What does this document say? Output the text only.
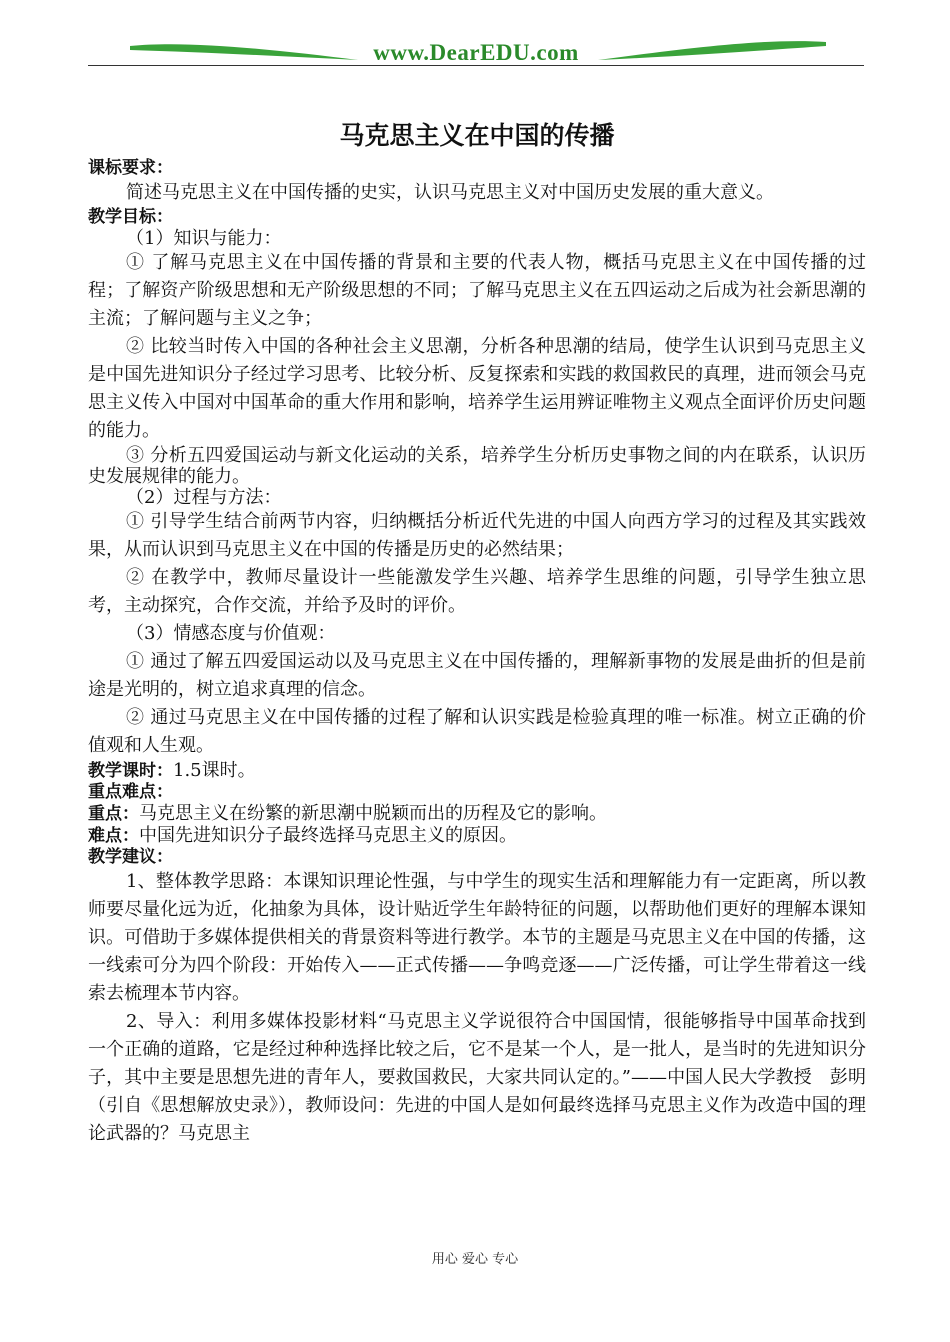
www.DearEDU.com
马克思主义在中国的传播
课标要求：

简述马克思主义在中国传播的史实，认识马克思主义对中国历史发展的重大意义。

教学目标：

（1）知识与能力：

① 了解马克思主义在中国传播的背景和主要的代表人物，概括马克思主义在中国传播的过程；了解资产阶级思想和无产阶级思想的不同；了解马克思主义在五四运动之后成为社会新思潮的主流；了解问题与主义之争；

② 比较当时传入中国的各种社会主义思潮，分析各种思潮的结局，使学生认识到马克思主义是中国先进知识分子经过学习思考、比较分析、反复探索和实践的救国救民的真理，进而领会马克思主义传入中国对中国革命的重大作用和影响，培养学生运用辨证唯物主义观点全面评价历史问题的能力。

③ 分析五四爱国运动与新文化运动的关系，培养学生分析历史事物之间的内在联系，认识历史发展规律的能力。

（2）过程与方法：

① 引导学生结合前两节内容，归纳概括分析近代先进的中国人向西方学习的过程及其实践效果，从而认识到马克思主义在中国的传播是历史的必然结果；

② 在教学中，教师尽量设计一些能激发学生兴趣、培养学生思维的问题，引导学生独立思考，主动探究，合作交流，并给予及时的评价。

（3）情感态度与价值观：

① 通过了解五四爱国运动以及马克思主义在中国传播的，理解新事物的发展是曲折的但是前途是光明的，树立追求真理的信念。

② 通过马克思主义在中国传播的过程了解和认识实践是检验真理的唯一标准。树立正确的价值观和人生观。

教学课时：1.5课时。

重点难点：

重点：马克思主义在纷繁的新思潮中脱颖而出的历程及它的影响。

难点：中国先进知识分子最终选择马克思主义的原因。

教学建议：

1、整体教学思路：本课知识理论性强，与中学生的现实生活和理解能力有一定距离，所以教师要尽量化远为近，化抽象为具体，设计贴近学生年龄特征的问题，以帮助他们更好的理解本课知识。可借助于多媒体提供相关的背景资料等进行教学。本节的主题是马克思主义在中国的传播，这一线索可分为四个阶段：开始传入——正式传播——争鸣竞逐——广泛传播，可让学生带着这一线索去梳理本节内容。

2、导入：利用多媒体投影材料“马克思主义学说很符合中国国情，很能够指导中国革命找到一个正确的道路，它是经过种种选择比较之后，它不是某一个人，是一批人，是当时的先进知识分子，其中主要是思想先进的青年人，要救国救民，大家共同认定的。”——中国人民大学教授　彭明（引自《思想解放史录》），教师设问：先进的中国人是如何最终选择马克思主义作为改造中国的理论武器的？马克思主

用心 爱心 专心
